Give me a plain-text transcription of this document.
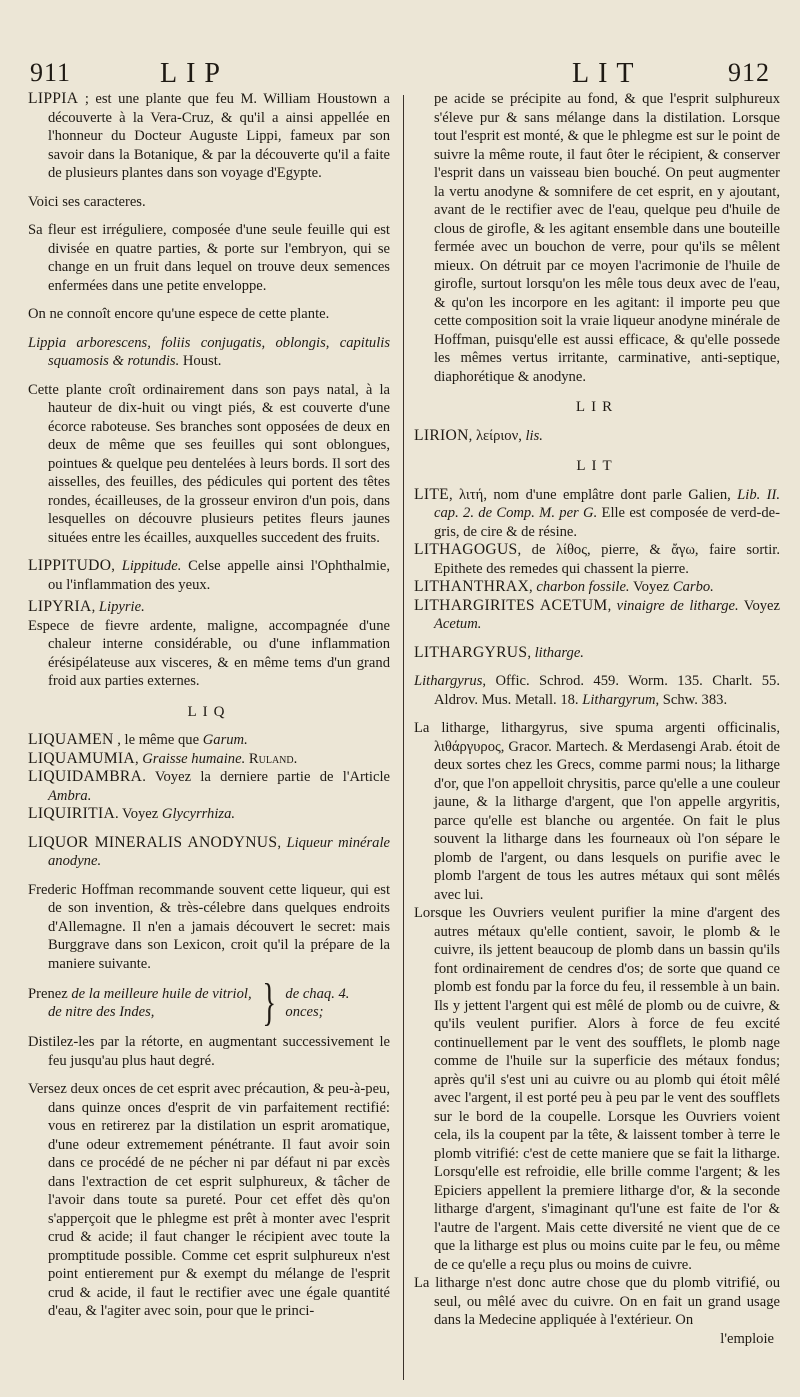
911	LIP	LIT	912

LIPPIA ; est une plante que feu M. William Houstown a découverte à la Vera-Cruz, & qu'il a ainsi appellée en l'honneur du Docteur Auguste Lippi, fameux par son savoir dans la Botanique, & par la découverte qu'il a faite de plusieurs plantes dans son voyage d'Egypte.

Voici ses caracteres.

Sa fleur est irréguliere, composée d'une seule feuille qui est divisée en quatre parties, & porte sur l'embryon, qui se change en un fruit dans lequel on trouve deux semences enfermées dans une petite enveloppe.

On ne connoît encore qu'une espece de cette plante.

Lippia arborescens, foliis conjugatis, oblongis, capitulis squamosis & rotundis. Houst.

Cette plante croît ordinairement dans son pays natal, à la hauteur de dix-huit ou vingt piés, & est couverte d'une écorce raboteuse. Ses branches sont opposées de deux en deux de même que ses feuilles qui sont oblongues, pointues & quelque peu dentelées à leurs bords. Il sort des aisselles, des feuilles, des pédicules qui portent des têtes rondes, écailleuses, de la grosseur environ d'un pois, dans lesquelles on découvre plusieurs petites fleurs jaunes situées entre les écailles, auxquelles succedent des fruits.

LIPPITUDO, Lippitude. Celse appelle ainsi l'Ophthalmie, ou l'inflammation des yeux.

LIPYRIA, Lipyrie.

Espece de fievre ardente, maligne, accompagnée d'une chaleur interne considérable, ou d'une inflammation érésipélateuse aux visceres, & en même tems d'un grand froid aux parties externes.

LIQ

LIQUAMEN , le même que Garum.

LIQUAMUMIA, Graisse humaine. Ruland.

LIQUIDAMBRA. Voyez la derniere partie de l'Article Ambra.

LIQUIRITIA. Voyez Glycyrrhiza.

LIQUOR MINERALIS ANODYNUS, Liqueur minérale anodyne.

Frederic Hoffman recommande souvent cette liqueur, qui est de son invention, & très-célebre dans quelques endroits d'Allemagne. Il n'en a jamais découvert le secret: mais Burggrave dans son Lexicon, croit qu'il la prépare de la maniere suivante.

Prenez de la meilleure huile de vitriol,
de nitre des Indes,	} de chaq. 4. onces;

Distilez-les par la rétorte, en augmentant successivement le feu jusqu'au plus haut degré.

Versez deux onces de cet esprit avec précaution, & peu-à-peu, dans quinze onces d'esprit de vin parfaitement rectifié: vous en retirerez par la distilation un esprit aromatique, d'une odeur extremement pénétrante. Il faut avoir soin dans ce procédé de ne pécher ni par défaut ni par excès dans l'extraction de cet esprit sulphureux, & tâcher de l'avoir dans toute sa pureté. Pour cet effet dès qu'on s'apperçoit que le phlegme est prêt à monter avec l'esprit crud & acide; il faut changer le récipient avec toute la promptitude possible. Comme cet esprit sulphureux n'est point entierement pur & exempt du mélange de l'esprit crud & acide, il faut le rectifier avec une égale quantité d'eau, & l'agiter avec soin, pour que le princi-

pe acide se précipite au fond, & que l'esprit sulphureux s'éleve pur & sans mélange dans la distilation. Lorsque tout l'esprit est monté, & que le phlegme est sur le point de suivre la même route, il faut ôter le récipient, & conserver l'esprit dans un vaisseau bien bouché. On peut augmenter la vertu anodyne & somnifere de cet esprit, en y ajoutant, avant de le rectifier avec de l'eau, quelque peu d'huile de clous de girofle, & les agitant ensemble dans une bouteille fermée avec un bouchon de verre, pour qu'ils se mêlent mieux. On détruit par ce moyen l'acrimonie de l'huile de girofle, surtout lorsqu'on les mêle tous deux avec de l'eau, & qu'on les incorpore en les agitant: il importe peu que cette composition soit la vraie liqueur anodyne minérale de Hoffman, puisqu'elle est aussi efficace, & qu'elle possede les mêmes vertus irritante, carminative, anti-septique, diaphorétique & anodyne.

LIR

LIRION, λείριον, lis.

LIT

LITE, λιτή, nom d'une emplâtre dont parle Galien, Lib. II. cap. 2. de Comp. M. per G. Elle est composée de verd-de-gris, de cire & de résine.

LITHAGOGUS, de λίθος, pierre, & ἄγω, faire sortir. Epithete des remedes qui chassent la pierre.

LITHANTHRAX, charbon fossile. Voyez Carbo.

LITHARGIRITES ACETUM, vinaigre de litharge. Voyez Acetum.

LITHARGYRUS, litharge.

Lithargyrus, Offic. Schrod. 459. Worm. 135. Charlt. 55. Aldrov. Mus. Metall. 18. Lithargyrum, Schw. 383.

La litharge, lithargyrus, sive spuma argenti officinalis, λιθάργυρος, Gracor. Martech. & Merdasengi Arab. étoit de deux sortes chez les Grecs, comme parmi nous; la litharge d'or, que l'on appelloit chrysitis, parce qu'elle a une couleur jaune, & la litharge d'argent, que l'on appelle argyritis, parce qu'elle est blanche ou argentée. On fait le plus souvent la litharge dans les fourneaux où l'on sépare le plomb de l'argent, ou dans lesquels on purifie avec le plomb l'argent de tous les autres métaux qui sont mêlés avec lui.

Lorsque les Ouvriers veulent purifier la mine d'argent des autres métaux qu'elle contient, savoir, le plomb & le cuivre, ils jettent beaucoup de plomb dans un bassin qu'ils font ordinairement de cendres d'os; de sorte que quand ce plomb est fondu par la force du feu, il ressemble à un bain. Ils y jettent l'argent qui est mêlé de plomb ou de cuivre, & qu'ils veulent purifier. Alors à force de feu excité continuellement par le vent des soufflets, le plomb nage comme de l'huile sur la superficie des métaux fondus; après qu'il s'est uni au cuivre ou au plomb qui étoit mêlé avec l'argent, il est porté peu à peu par le vent des soufflets sur le bord de la coupelle. Lorsque les Ouvriers voient cela, ils la coupent par la tête, & laissent tomber à terre le plomb vitrifié: c'est de cette maniere que se fait la litharge. Lorsqu'elle est refroidie, elle brille comme l'argent; & les Epiciers appellent la premiere litharge d'or, & la seconde litharge d'argent, s'imaginant qu'l'une est faite de l'or & l'autre de l'argent. Mais cette diversité ne vient que de ce que la litharge est plus ou moins cuite par le feu, ou même de ce qu'elle a reçu plus ou moins de cuivre.

La litharge n'est donc autre chose que du plomb vitrifié, ou seul, ou mêlé avec du cuivre. On en fait un grand usage dans la Medecine appliquée à l'extérieur. On

l'emploie
